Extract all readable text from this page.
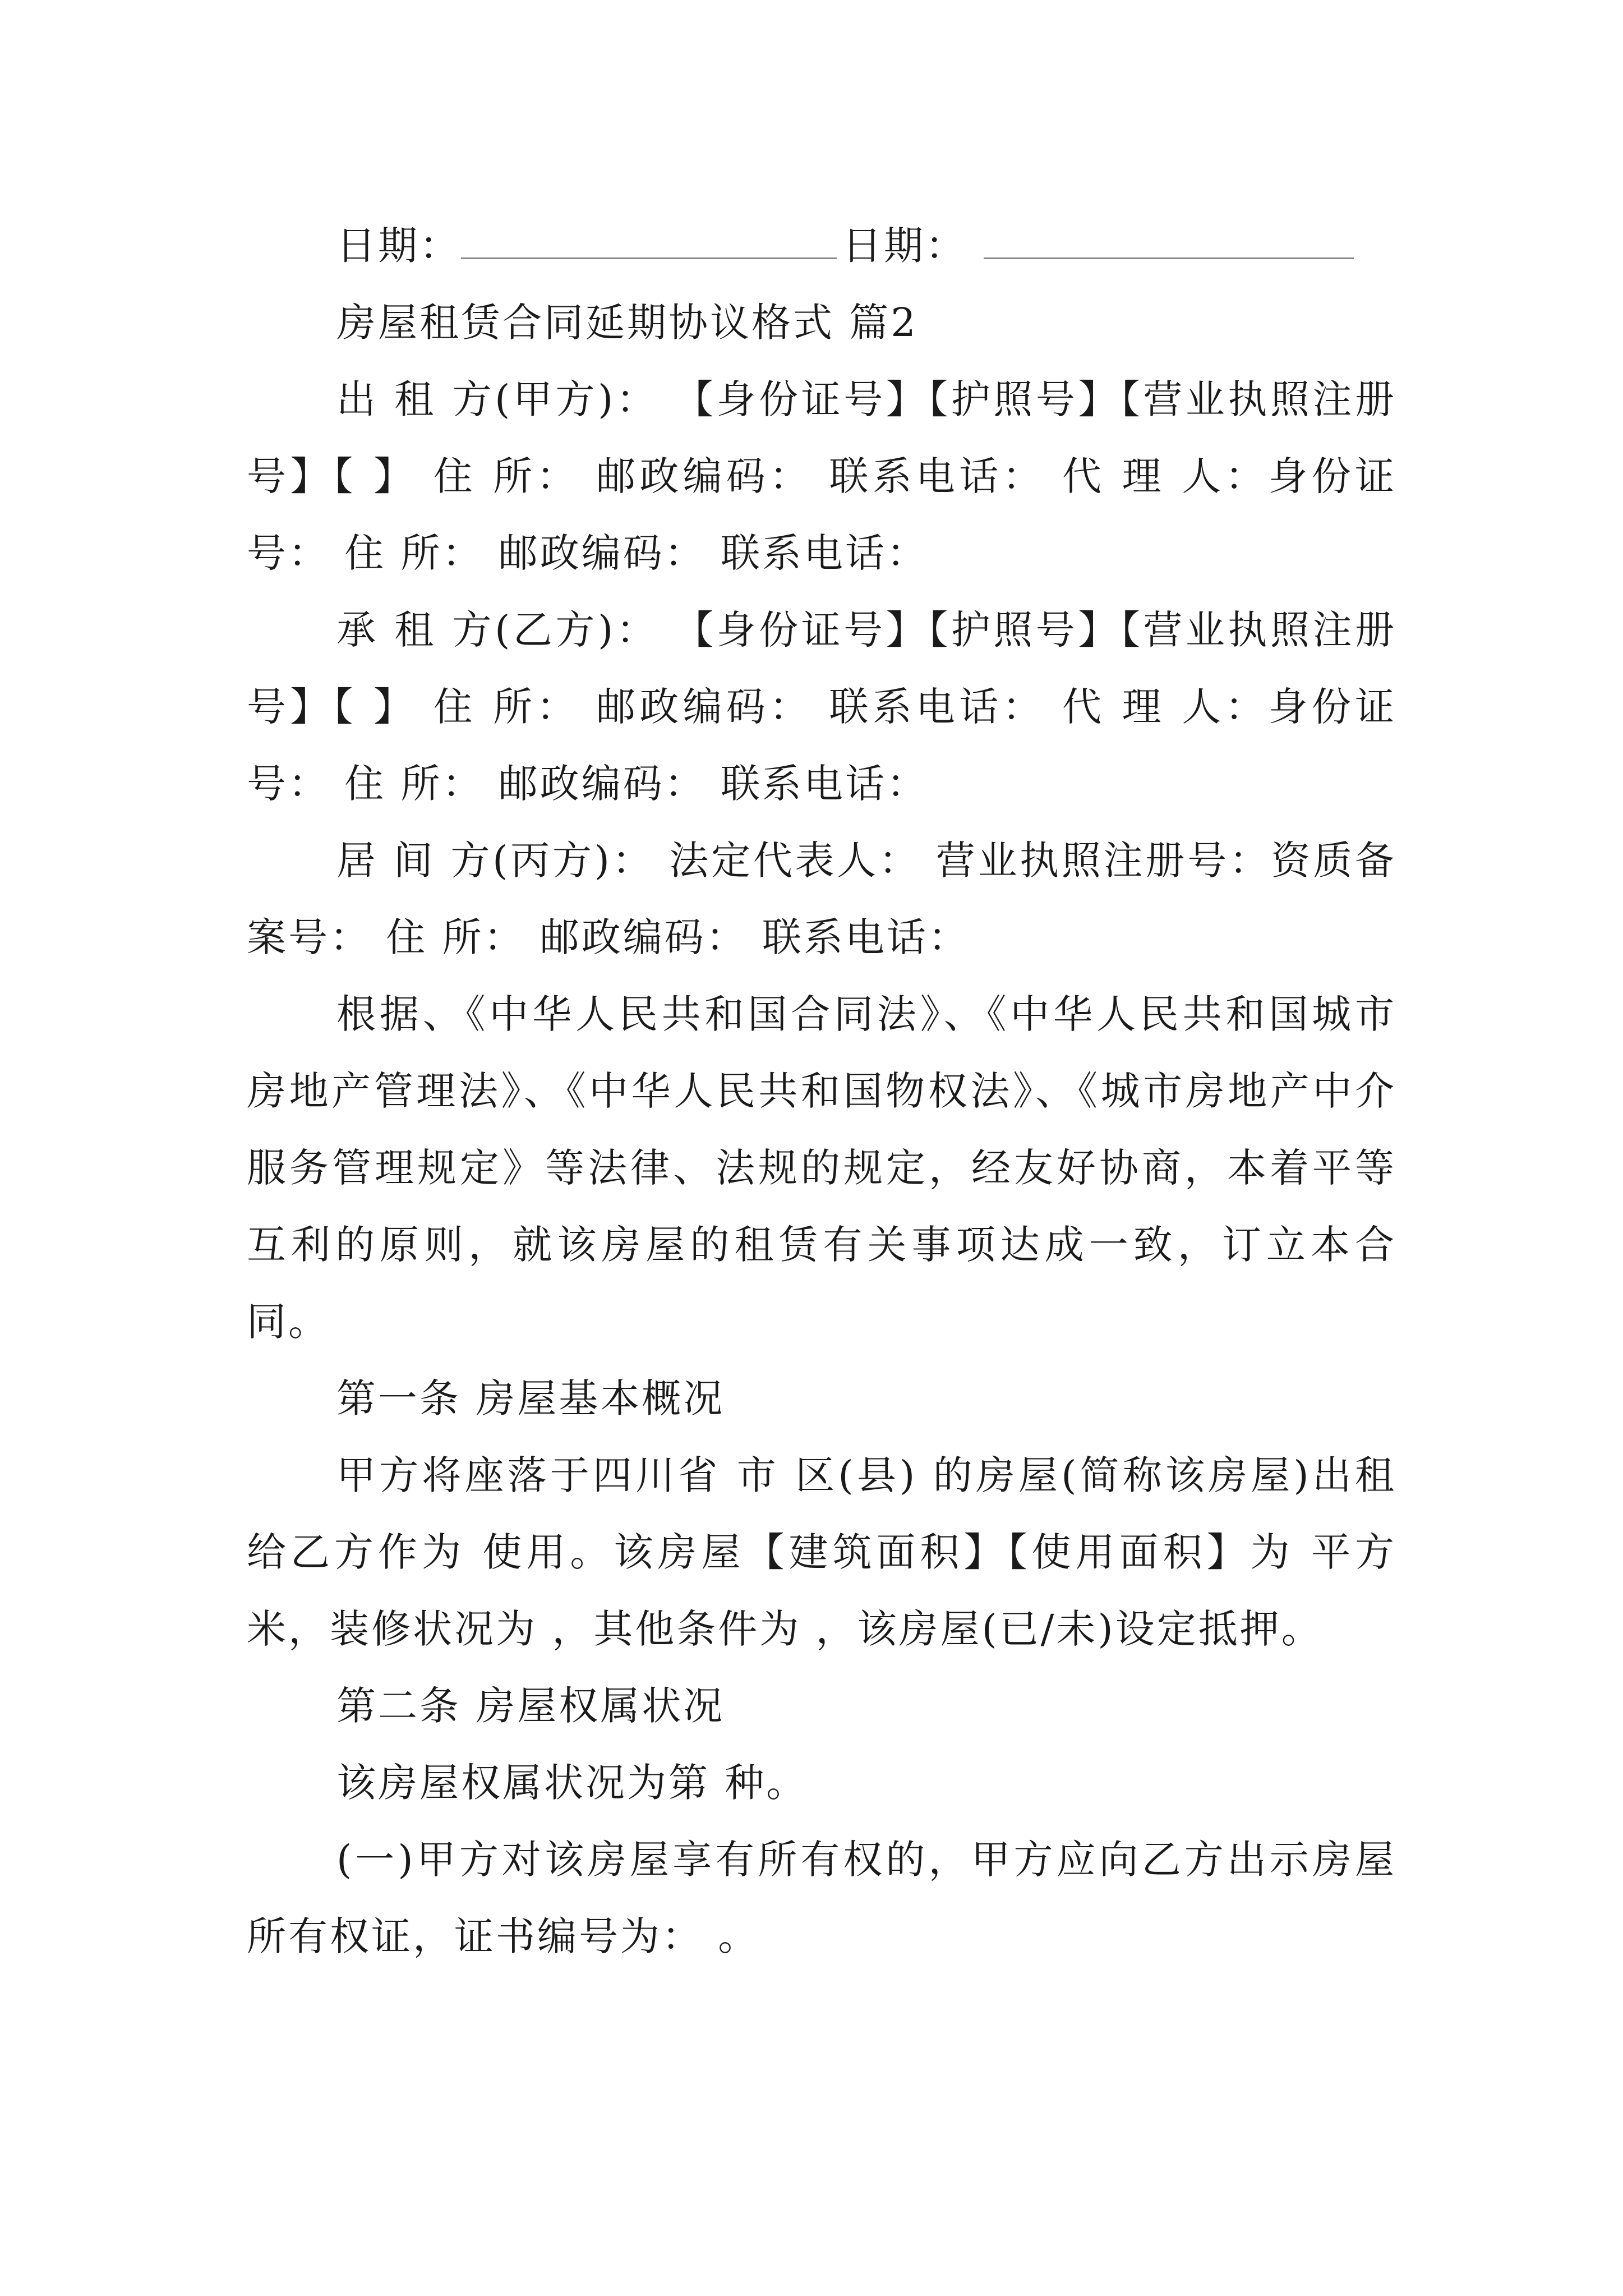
日期：	日期：
房屋租赁合同延期协议格式 篇2

出 租 方(甲方)： 【身份证号】【护照号】【营业执照注册号】【 】 住 所： 邮政编码： 联系电话： 代 理 人：身份证号： 住 所： 邮政编码： 联系电话：

承 租 方(乙方)： 【身份证号】【护照号】【营业执照注册号】【 】 住 所： 邮政编码： 联系电话： 代 理 人：身份证号： 住 所： 邮政编码： 联系电话：

居 间 方(丙方)： 法定代表人： 营业执照注册号：资质备案号： 住 所： 邮政编码： 联系电话：

根据、《中华人民共和国合同法》、《中华人民共和国城市房地产管理法》、《中华人民共和国物权法》、《城市房地产中介服务管理规定》等法律、法规的规定，经友好协商，本着平等互利的原则，就该房屋的租赁有关事项达成一致，订立本合同。

第一条 房屋基本概况

甲方将座落于四川省 市 区(县) 的房屋(简称该房屋)出租给乙方作为 使用。该房屋【建筑面积】【使用面积】为 平方米，装修状况为 ，其他条件为 ，该房屋(已/未)设定抵押。

第二条 房屋权属状况

该房屋权属状况为第 种。

(一)甲方对该房屋享有所有权的，甲方应向乙方出示房屋所有权证，证书编号为： 。
